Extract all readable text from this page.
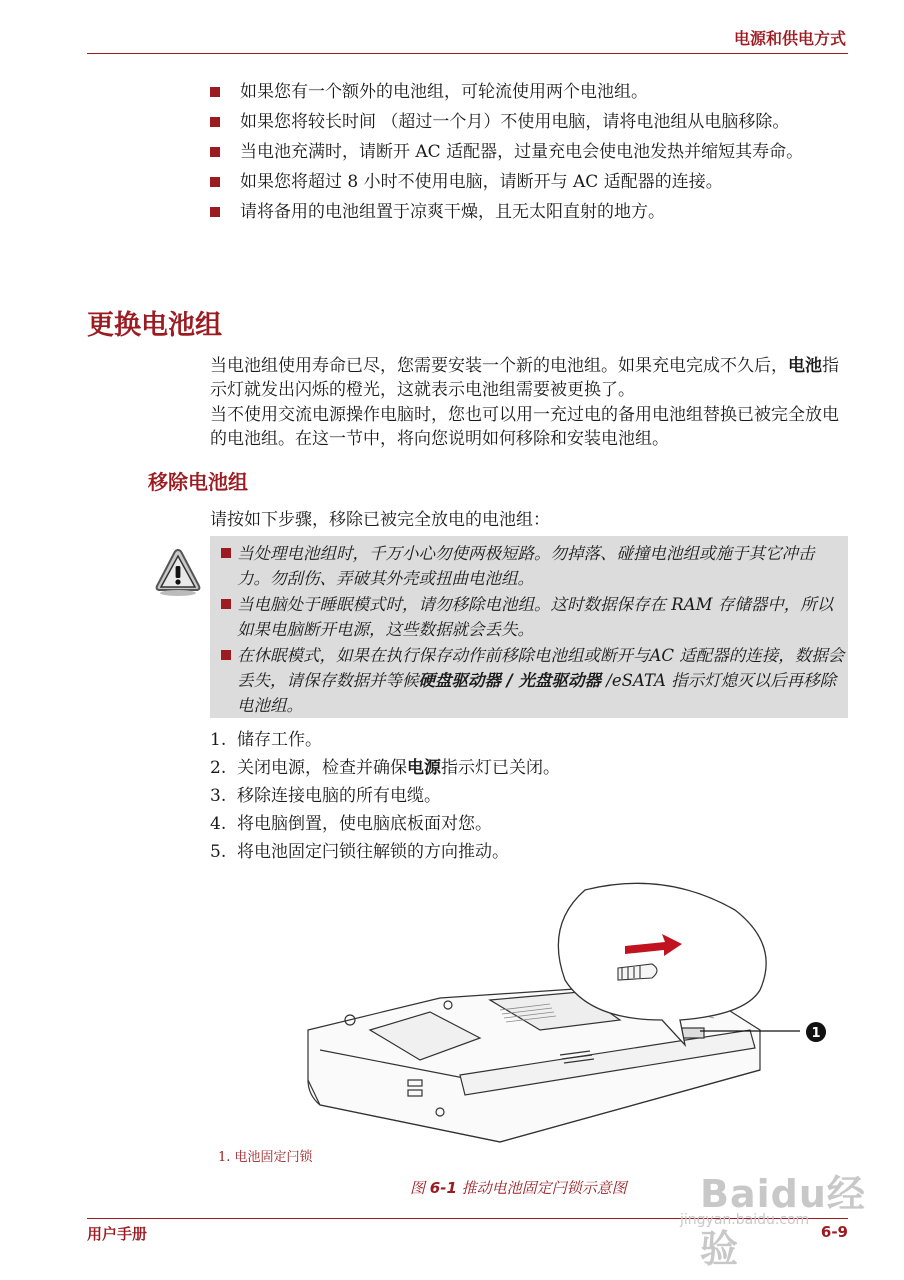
电源和供电方式
如果您有一个额外的电池组，可轮流使用两个电池组。
如果您将较长时间 （超过一个月）不使用电脑，请将电池组从电脑移除。
当电池充满时，请断开 AC 适配器，过量充电会使电池发热并缩短其寿命。
如果您将超过 8 小时不使用电脑，请断开与 AC 适配器的连接。
请将备用的电池组置于凉爽干燥，且无太阳直射的地方。
更换电池组

当电池组使用寿命已尽，您需要安装一个新的电池组。如果充电完成不久后，电池指示灯就发出闪烁的橙光，这就表示电池组需要被更换了。

当不使用交流电源操作电脑时，您也可以用一充过电的备用电池组替换已被完全放电的电池组。在这一节中，将向您说明如何移除和安装电池组。

移除电池组

请按如下步骤，移除已被完全放电的电池组：

当处理电池组时，千万小心勿使两极短路。勿掉落、碰撞电池组或施于其它冲击力。勿刮伤、弄破其外壳或扭曲电池组。
当电脑处于睡眠模式时，请勿移除电池组。这时数据保存在 RAM 存储器中，所以如果电脑断开电源，这些数据就会丢失。
在休眠模式，如果在执行保存动作前移除电池组或断开与AC 适配器的连接，数据会丢失，请保存数据并等候硬盘驱动器 / 光盘驱动器 /eSATA 指示灯熄灭以后再移除电池组。
1. 储存工作。
2. 关闭电源，检查并确保电源指示灯已关闭。
3. 移除连接电脑的所有电缆。
4. 将电脑倒置，使电脑底板面对您。
5. 将电池固定闩锁往解锁的方向推动。
1
1. 电池固定闩锁
图 6-1 推动电池固定闩锁示意图
用户手册	6-9
Baidu经验
jingyan.baidu.com
